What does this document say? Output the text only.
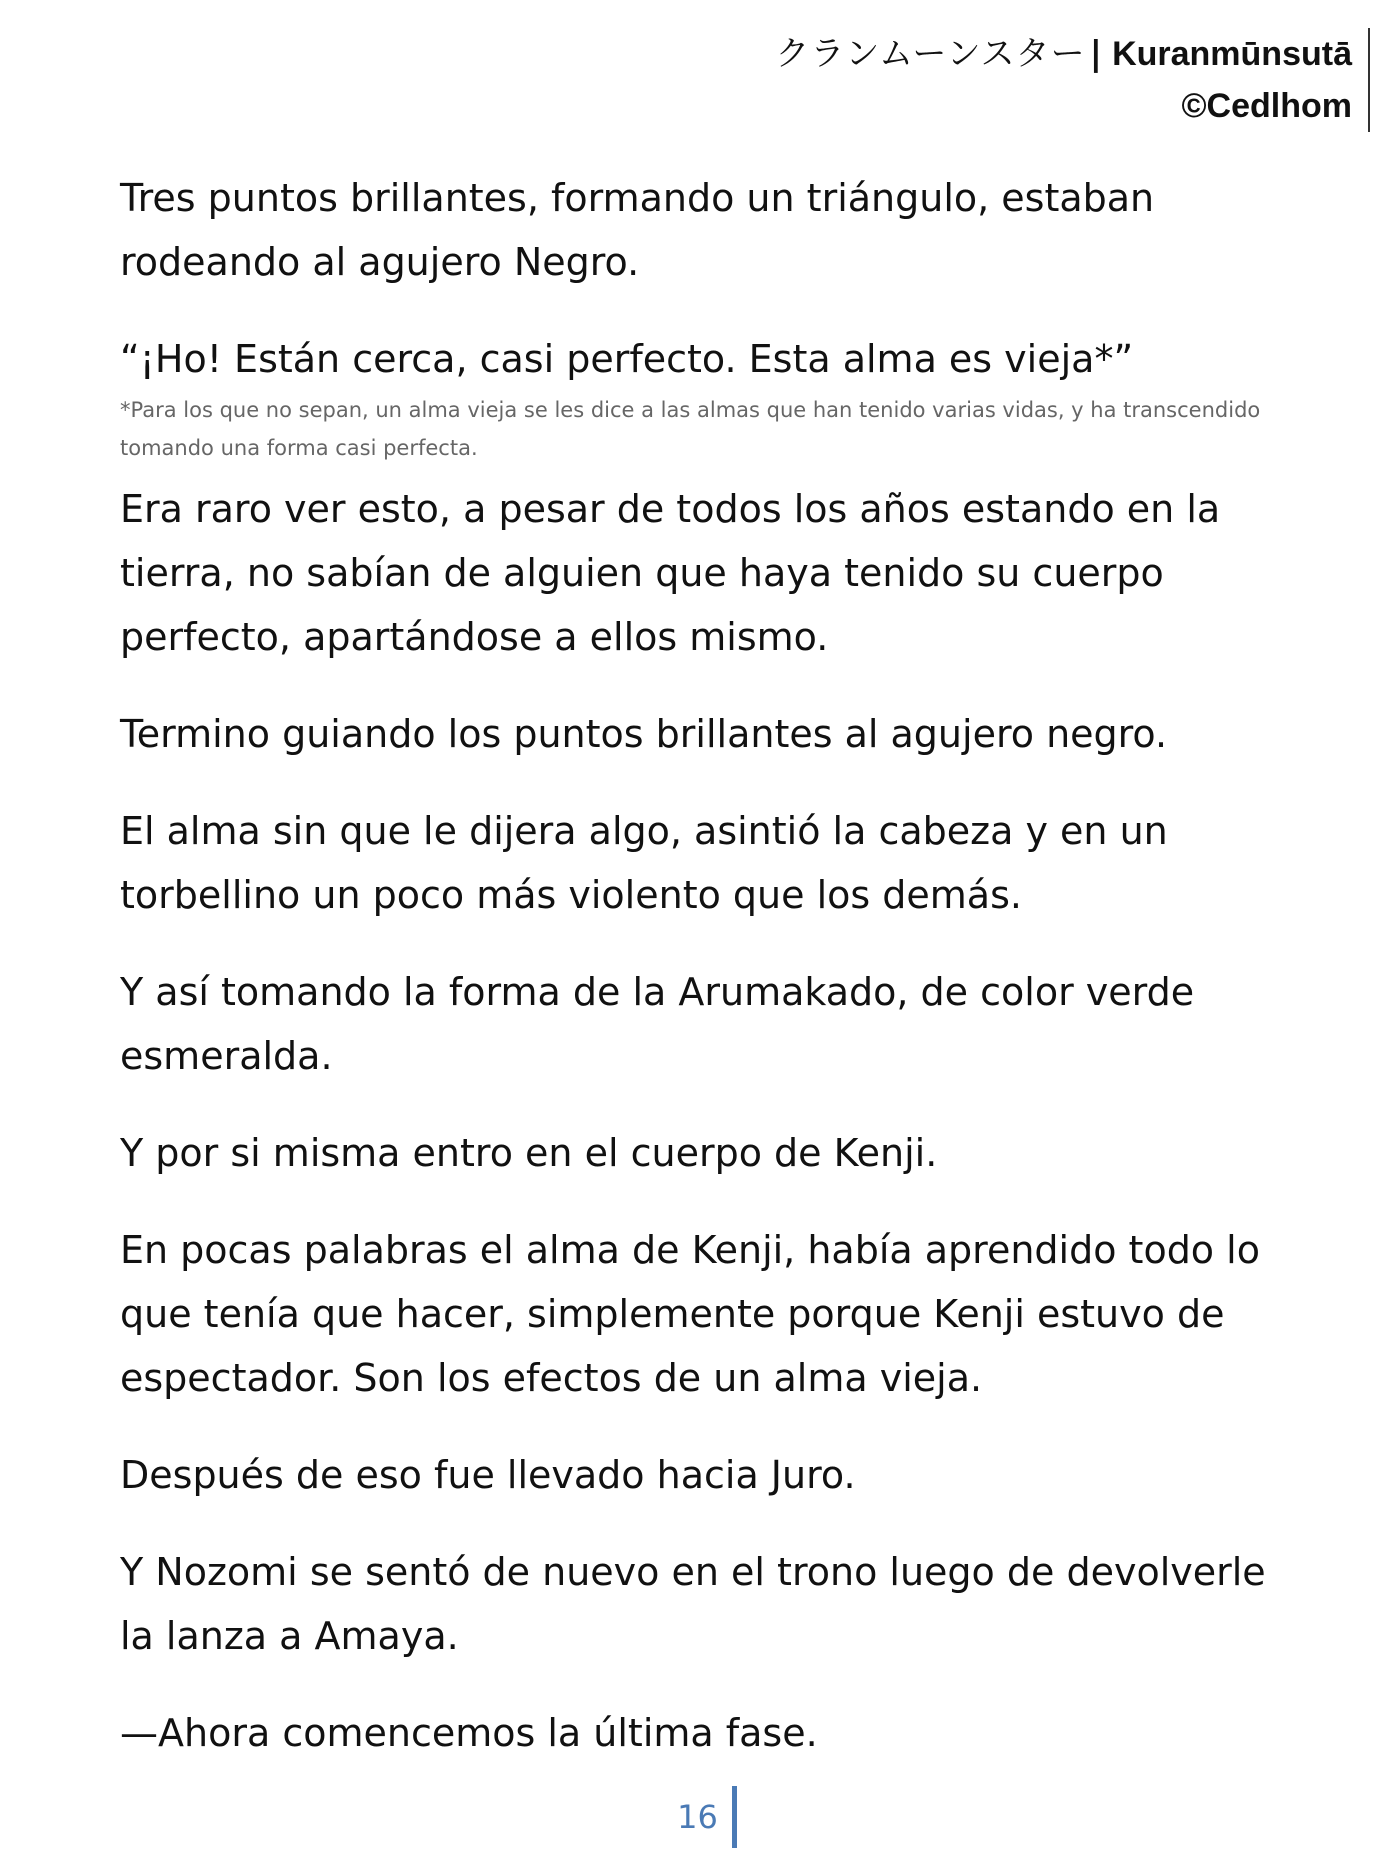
クランムーンスター | Kuranmūnsutā
©Cedlhom

Tres puntos brillantes, formando un triángulo, estaban rodeando al agujero Negro.

“¡Ho! Están cerca, casi perfecto. Esta alma es vieja*”

*Para los que no sepan, un alma vieja se les dice a las almas que han tenido varias vidas, y ha transcendido tomando una forma casi perfecta.

Era raro ver esto, a pesar de todos los años estando en la tierra, no sabían de alguien que haya tenido su cuerpo perfecto, apartándose a ellos mismo.

Termino guiando los puntos brillantes al agujero negro.

El alma sin que le dijera algo, asintió la cabeza y en un torbellino un poco más violento que los demás.

Y así tomando la forma de la Arumakado, de color verde esmeralda.

Y por si misma entro en el cuerpo de Kenji.

En pocas palabras el alma de Kenji, había aprendido todo lo que tenía que hacer, simplemente porque Kenji estuvo de espectador. Son los efectos de un alma vieja.

Después de eso fue llevado hacia Juro.

Y Nozomi se sentó de nuevo en el trono luego de devolverle la lanza a Amaya.

—Ahora comencemos la última fase.

16
